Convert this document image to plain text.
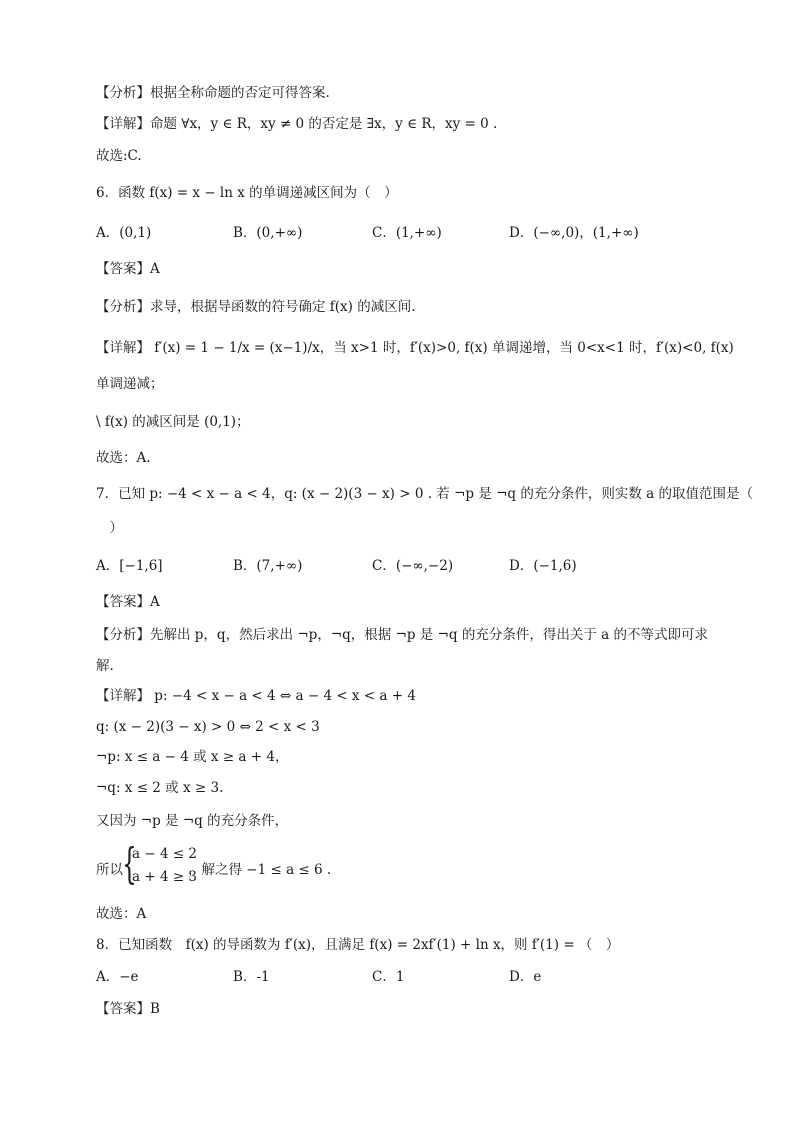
【分析】根据全称命题的否定可得答案.
【详解】命题 ∀x，y ∈ R，xy ≠ 0 的否定是 ∃x，y ∈ R，xy = 0 .
故选:C.
6．函数 f(x) = x − ln x 的单调递减区间为（　）
A．(0,1)	B．(0,+∞)	C．(1,+∞)	D．(−∞,0)，(1,+∞)
【答案】A
【分析】求导，根据导函数的符号确定 f(x) 的减区间.
【详解】 f′(x) = 1 − 1/x = (x−1)/x，当 x>1 时，f′(x)>0, f(x) 单调递增，当 0<x<1 时，f′(x)<0, f(x)
单调递减；
\ f(x) 的减区间是 (0,1)；
故选：A.
7．已知 p: −4 < x − a < 4，q: (x − 2)(3 − x) > 0 . 若 ¬p 是 ¬q 的充分条件，则实数 a 的取值范围是（
　）
A．[−1,6]	B．(7,+∞)	C．(−∞,−2)	D．(−1,6)
【答案】A
【分析】先解出 p，q，然后求出 ¬p，¬q，根据 ¬p 是 ¬q 的充分条件，得出关于 a 的不等式即可求
解.
【详解】 p: −4 < x − a < 4 ⇔ a − 4 < x < a + 4
q: (x − 2)(3 − x) > 0 ⇔ 2 < x < 3
¬p: x ≤ a − 4 或 x ≥ a + 4，
¬q: x ≤ 2 或 x ≥ 3.
又因为 ¬p 是 ¬q 的充分条件，
所以 {
a − 4 ≤ 2
a + 4 ≥ 3
，解之得 −1 ≤ a ≤ 6 .
故选：A
8．已知函数　f(x) 的导函数为 f′(x)，且满足 f(x) = 2xf′(1) + ln x，则 f′(1) = （　）
A．−e	B．-1	C．1	D．e
【答案】B
